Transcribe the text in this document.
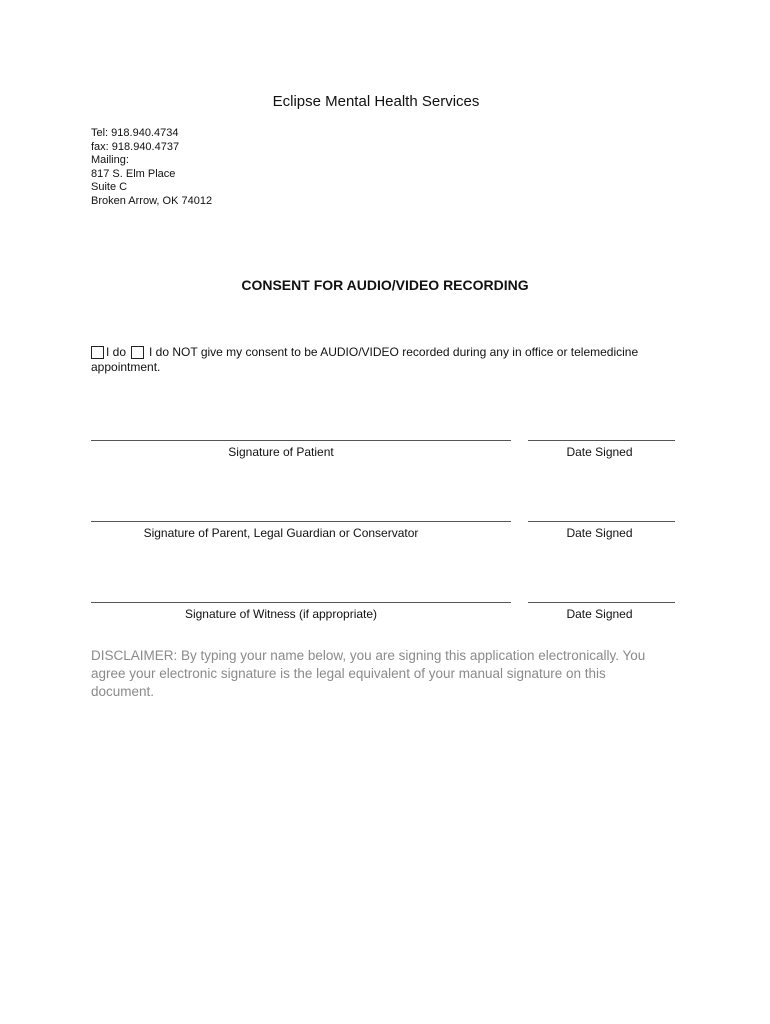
Eclipse Mental Health Services
Tel: 918.940.4734
fax: 918.940.4737
Mailing:
817 S. Elm Place
Suite C
Broken Arrow, OK 74012
CONSENT FOR AUDIO/VIDEO RECORDING
I do I do NOT give my consent to be AUDIO/VIDEO recorded during any in office or telemedicine
appointment.
Signature of Patient	Date Signed
Signature of Parent, Legal Guardian or Conservator	Date Signed
Signature of Witness (if appropriate)	Date Signed
DISCLAIMER: By typing your name below, you are signing this application electronically. You agree your electronic signature is the legal equivalent of your manual signature on this document.
